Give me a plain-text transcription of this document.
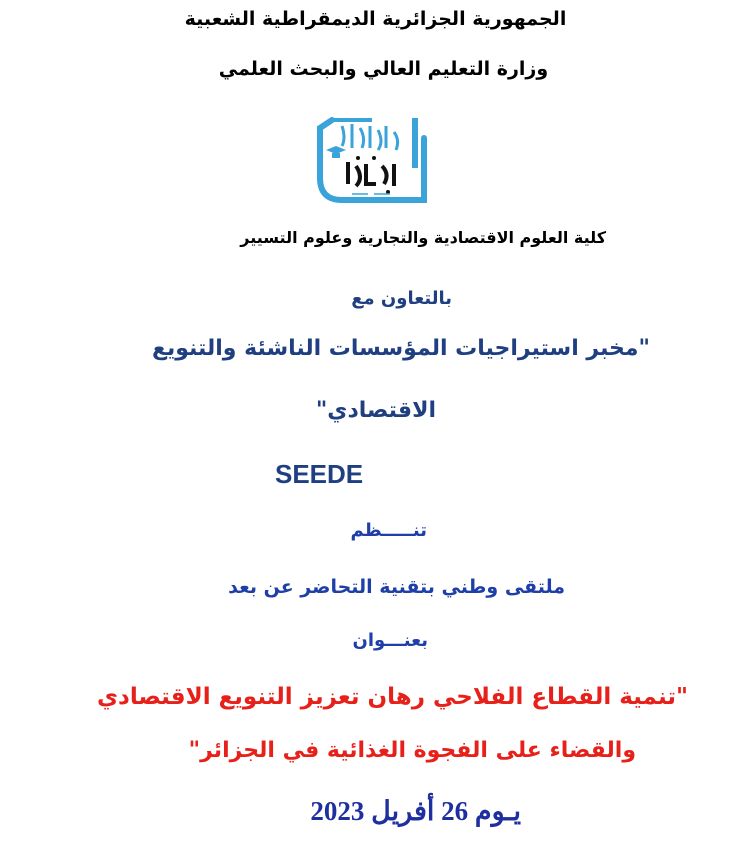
الجمهورية الجزائرية الديمقراطية الشعبية
وزارة التعليم العالي والبحث العلمي
كلية العلوم الاقتصادية والتجارية وعلوم التسيير
بالتعاون مع
"مخبر استيراجيات المؤسسات الناشئة والتنويع
الاقتصادي"
SEEDE
تنـــــظم
ملتقى وطني بتقنية التحاضر عن بعد
بعنـــوان
"تنمية القطاع الفلاحي رهان تعزيز التنويع الاقتصادي
والقضاء على الفجوة الغذائية في الجزائر"
يـوم 26 أفريل 2023
